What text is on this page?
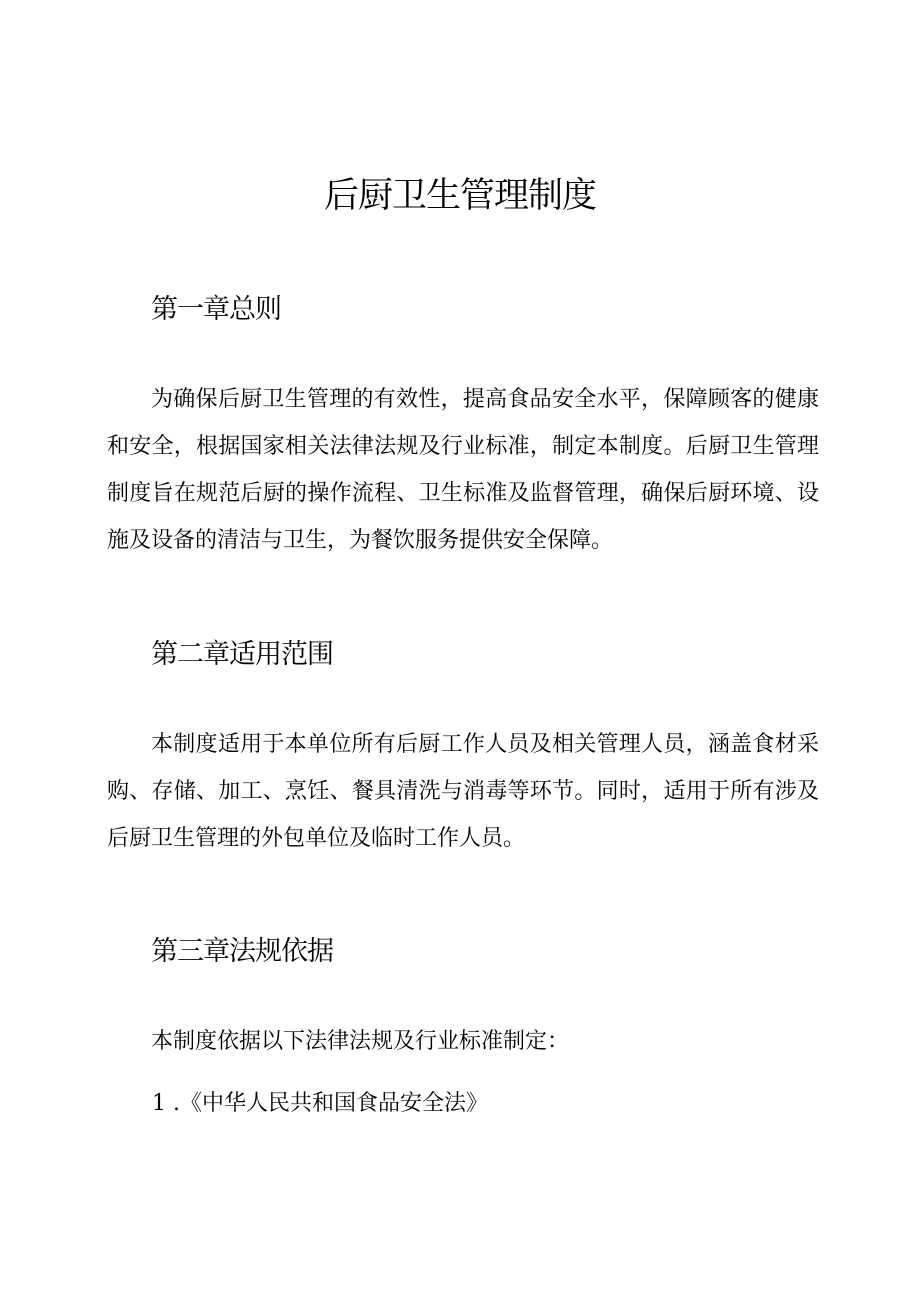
后厨卫生管理制度
第一章总则

为确保后厨卫生管理的有效性，提高食品安全水平，保障顾客的健康和安全，根据国家相关法律法规及行业标准，制定本制度。后厨卫生管理制度旨在规范后厨的操作流程、卫生标准及监督管理，确保后厨环境、设施及设备的清洁与卫生，为餐饮服务提供安全保障。

第二章适用范围

本制度适用于本单位所有后厨工作人员及相关管理人员，涵盖食材采购、存储、加工、烹饪、餐具清洗与消毒等环节。同时，适用于所有涉及后厨卫生管理的外包单位及临时工作人员。

第三章法规依据

本制度依据以下法律法规及行业标准制定：

1 .《中华人民共和国食品安全法》
